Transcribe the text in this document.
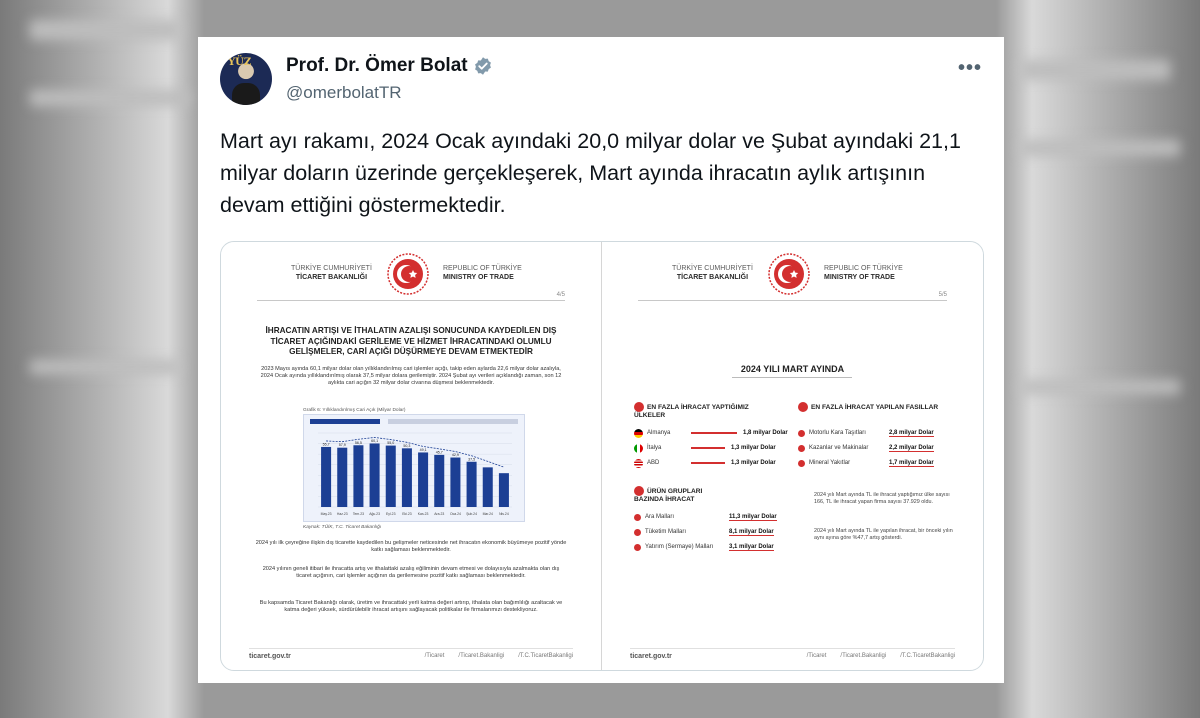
YÜZ Prof. Dr. Ömer Bolat
@omerbolatTR
•••
Mart ayı rakamı, 2024 Ocak ayındaki 20,0 milyar dolar ve Şubat ayındaki 21,1 milyar doların üzerinde gerçekleşerek, Mart ayında ihracatın aylık artışının devam ettiğini göstermektedir.
TÜRKİYE CUMHURİYETİ
TİCARET BAKANLIĞI
REPUBLIC OF TÜRKİYE
MINISTRY OF TRADE
4/5
İHRACATIN ARTIŞI VE İTHALATIN AZALIŞI SONUCUNDA KAYDEDİLEN DIŞ TİCARET AÇIĞINDAKİ GERİLEME VE HİZMET İHRACATINDAKİ OLUMLU GELİŞMELER, CARİ AÇIĞI DÜŞÜRMEYE DEVAM ETMEKTEDİR
2023 Mayıs ayında 60,1 milyar dolar olan yıllıklandırılmış cari işlemler açığı, takip eden aylarda 22,6 milyar dolar azalıyla, 2024 Ocak ayında yıllıklandırılmış olarak 37,5 milyar dolara gerilemiştir. 2024 Şubat ayı verileri açıklandığı zaman, son 12 aylıkta cari açığın 32 milyar dolar civarına düşmesi beklenmektedir.
Grafik 6: Yıllıklandırılmış Cari Açık (Milyar Dolar)
55,7
May.23
57,9
Haz.23
56,5
Tem.23
60,1
Ağu.23
55,0
Eyl.23
50,3
Eki.23
49,1
Kas.23
45,7
Ara.23
42,9
Oca.24
37,5
Şub.24 Mar.24 Nis.24
Kaynak: TÜİK, T.C. Ticaret Bakanlığı
2024 yılı ilk çeyreğine ilişkin dış ticarette kaydedilen bu gelişmeler neticesinde net ihracatın ekonomik büyümeye pozitif yönde katkı sağlaması beklenmektedir.
2024 yılının geneli itibari ile ihracatta artış ve ithalattaki azalış eğiliminin devam etmesi ve dolayısıyla azalmakta olan dış ticaret açığının, cari işlemler açığının da gerilemesine pozitif katkı sağlaması beklenmektedir.
Bu kapsamda Ticaret Bakanlığı olarak, üretim ve ihracattaki yerli katma değeri artırıp, ithalata olan bağımlılığı azaltacak ve katma değeri yüksek, sürdürülebilir ihracat artışını sağlayacak politikalar ile firmalarımızı destekliyoruz.
ticaret.gov.tr	/Ticaret /Ticaret.Bakanligi /T.C.TicaretBakanligi
TÜRKİYE CUMHURİYETİ
TİCARET BAKANLIĞI
REPUBLIC OF TÜRKİYE
MINISTRY OF TRADE
5/5
2024 YILI MART AYINDA
EN FAZLA İHRACAT YAPTIĞIMIZ ÜLKELER
Almanya	1,8 milyar Dolar
İtalya	1,3 milyar Dolar
ABD	1,3 milyar Dolar
EN FAZLA İHRACAT YAPILAN FASILLAR
Motorlu Kara Taşıtları	2,8 milyar Dolar
Kazanlar ve Makinalar	2,2 milyar Dolar
Mineral Yakıtlar	1,7 milyar Dolar
ÜRÜN GRUPLARI BAZINDA İHRACAT
Ara Malları	11,3 milyar Dolar
Tüketim Malları	8,1 milyar Dolar
Yatırım (Sermaye) Malları	3,1 milyar Dolar
2024 yılı Mart ayında TL ile ihracat yaptığımız ülke sayısı 166, TL ile ihracat yapan firma sayısı 37.929 oldu.
2024 yılı Mart ayında TL ile yapılan ihracat, bir önceki yılın aynı ayına göre %47,7 artış gösterdi.
ticaret.gov.tr	/Ticaret /Ticaret.Bakanligi /T.C.TicaretBakanligi
